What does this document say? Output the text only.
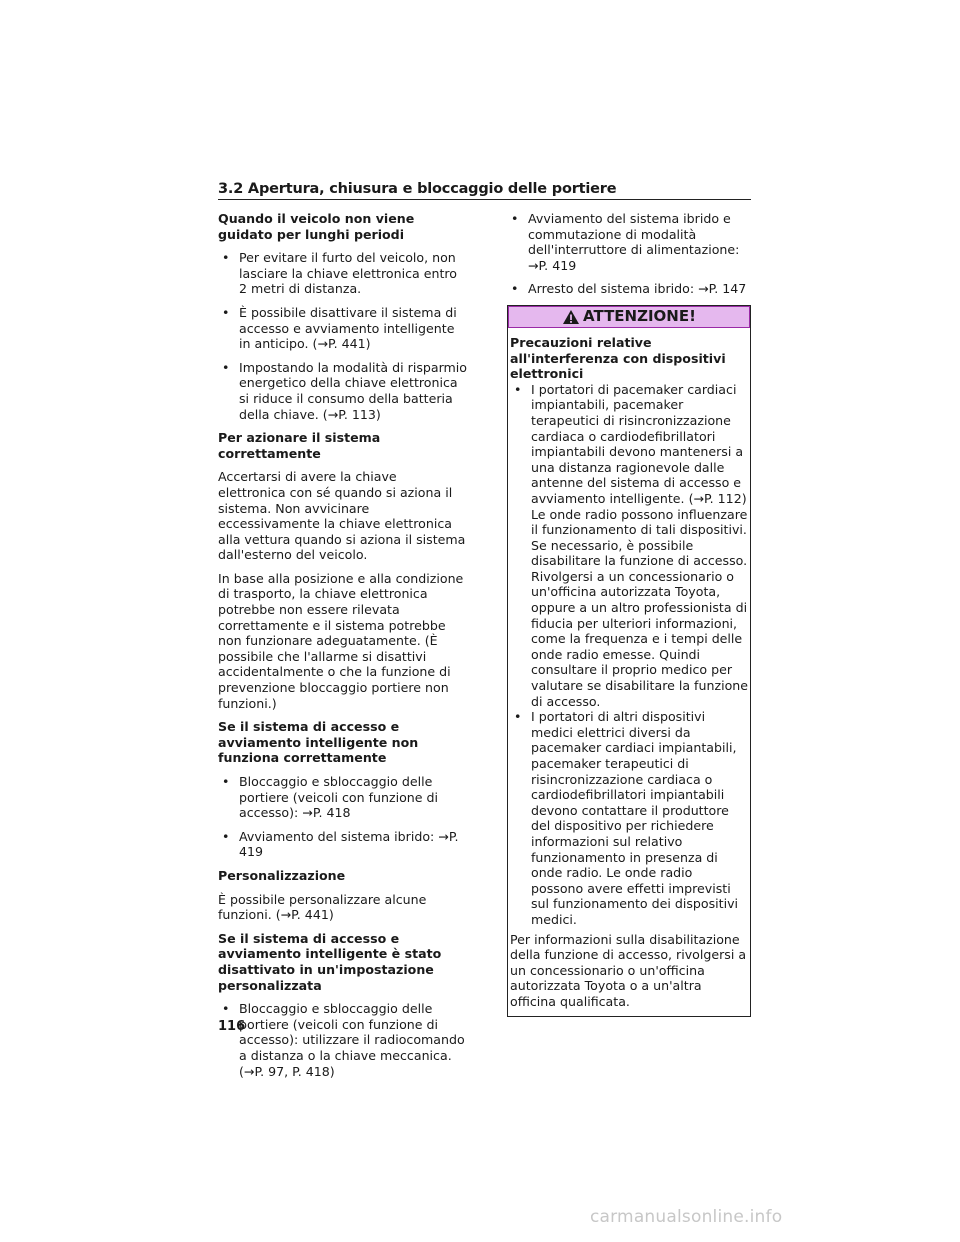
3.2 Apertura, chiusura e bloccaggio delle portiere
Quando il veicolo non viene guidato per lunghi periodi
• Per evitare il furto del veicolo, non lasciare la chiave elettronica entro 2 metri di distanza.
• È possibile disattivare il sistema di accesso e avviamento intelligente in anticipo. (→P. 441)
• Impostando la modalità di risparmio energetico della chiave elettronica si riduce il consumo della batteria della chiave. (→P. 113)
Per azionare il sistema correttamente
Accertarsi di avere la chiave elettronica con sé quando si aziona il sistema. Non avvicinare eccessivamente la chiave elettronica alla vettura quando si aziona il sistema dall'esterno del veicolo.
In base alla posizione e alla condizione di trasporto, la chiave elettronica potrebbe non essere rilevata correttamente e il sistema potrebbe non funzionare adeguatamente. (È possibile che l'allarme si disattivi accidentalmente o che la funzione di prevenzione bloccaggio portiere non funzioni.)
Se il sistema di accesso e avviamento intelligente non funziona correttamente
• Bloccaggio e sbloccaggio delle portiere (veicoli con funzione di accesso): →P. 418
• Avviamento del sistema ibrido: →P. 419
Personalizzazione
È possibile personalizzare alcune funzioni. (→P. 441)
Se il sistema di accesso e avviamento intelligente è stato disattivato in un'impostazione personalizzata
• Bloccaggio e sbloccaggio delle portiere (veicoli con funzione di accesso): utilizzare il radiocomando a distanza o la chiave meccanica. (→P. 97, P. 418)
• Avviamento del sistema ibrido e commutazione di modalità dell'interruttore di alimentazione: →P. 419
• Arresto del sistema ibrido: →P. 147
ATTENZIONE!
Precauzioni relative all'interferenza con dispositivi elettronici
• I portatori di pacemaker cardiaci impiantabili, pacemaker terapeutici di risincronizzazione cardiaca o cardiodefibrillatori impiantabili devono mantenersi a una distanza ragionevole dalle antenne del sistema di accesso e avviamento intelligente. (→P. 112) Le onde radio possono influenzare il funzionamento di tali dispositivi. Se necessario, è possibile disabilitare la funzione di accesso. Rivolgersi a un concessionario o un'officina autorizzata Toyota, oppure a un altro professionista di fiducia per ulteriori informazioni, come la frequenza e i tempi delle onde radio emesse. Quindi consultare il proprio medico per valutare se disabilitare la funzione di accesso.
• I portatori di altri dispositivi medici elettrici diversi da pacemaker cardiaci impiantabili, pacemaker terapeutici di risincronizzazione cardiaca o cardiodefibrillatori impiantabili devono contattare il produttore del dispositivo per richiedere informazioni sul relativo funzionamento in presenza di onde radio. Le onde radio possono avere effetti imprevisti sul funzionamento dei dispositivi medici.
Per informazioni sulla disabilitazione della funzione di accesso, rivolgersi a un concessionario o un'officina autorizzata Toyota o a un'altra officina qualificata.
116
carmanualsonline.info
